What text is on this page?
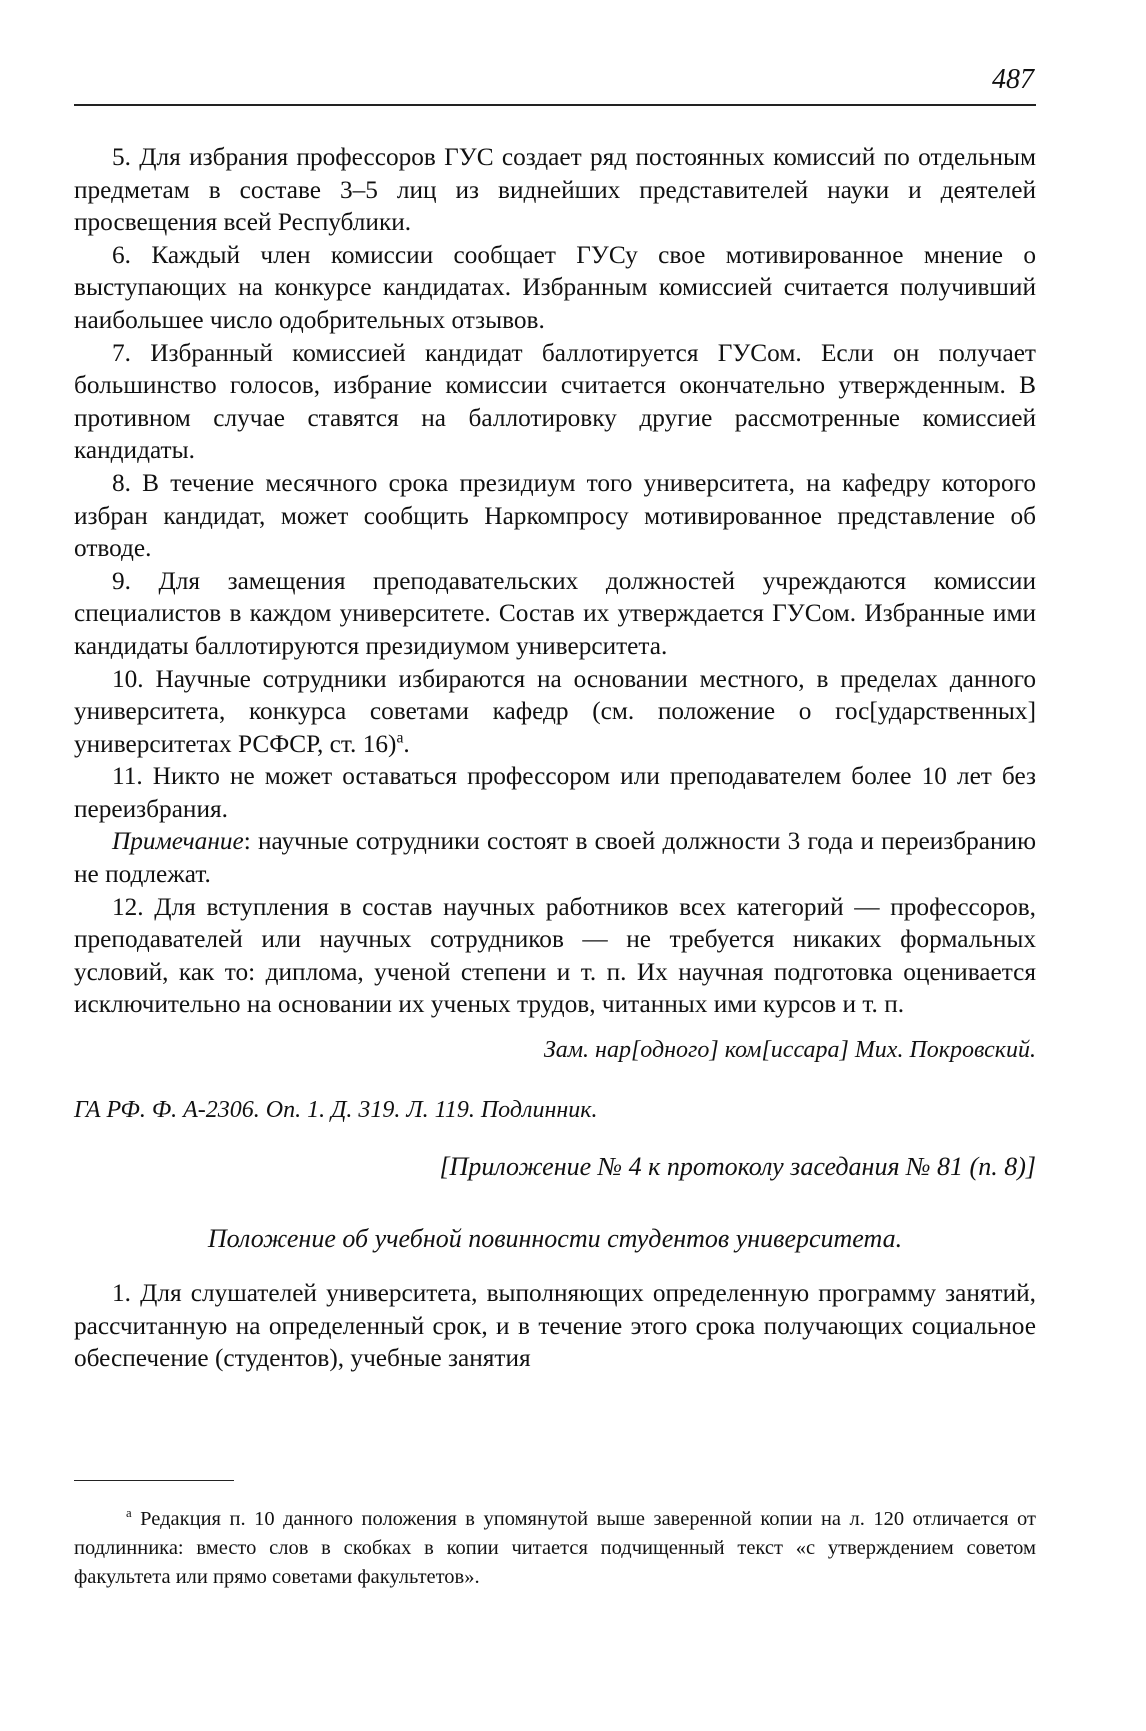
487

5. Для избрания профессоров ГУС создает ряд постоянных комиссий по отдельным предметам в составе 3–5 лиц из виднейших представителей науки и деятелей просвещения всей Республики.

6. Каждый член комиссии сообщает ГУСу свое мотивированное мнение о выступающих на конкурсе кандидатах. Избранным комиссией считается получивший наибольшее число одобрительных отзывов.

7. Избранный комиссией кандидат баллотируется ГУСом. Если он получает большинство голосов, избрание комиссии считается окончательно утвержденным. В противном случае ставятся на баллотировку другие рассмотренные комиссией кандидаты.

8. В течение месячного срока президиум того университета, на кафедру которого избран кандидат, может сообщить Наркомпросу мотивированное представление об отводе.

9. Для замещения преподавательских должностей учреждаются комиссии специалистов в каждом университете. Состав их утверждается ГУСом. Избранные ими кандидаты баллотируются президиумом университета.

10. Научные сотрудники избираются на основании местного, в пределах данного университета, конкурса советами кафедр (см. положение о гос[ударственных] университетах РСФСР, ст. 16)$^а$.

11. Никто не может оставаться профессором или преподавателем более 10 лет без переизбрания.

Примечание: научные сотрудники состоят в своей должности 3 года и переизбранию не подлежат.

12. Для вступления в состав научных работников всех категорий — профессоров, преподавателей или научных сотрудников — не требуется никаких формальных условий, как то: диплома, ученой степени и т. п. Их научная подготовка оценивается исключительно на основании их ученых трудов, читанных ими курсов и т. п.

Зам. нар[одного] ком[иссара] Мих. Покровский.

ГА РФ. Ф. А-2306. Оп. 1. Д. 319. Л. 119. Подлинник.

[Приложение № 4 к протоколу заседания № 81 (п. 8)]

Положение об учебной повинности студентов университета.

1. Для слушателей университета, выполняющих определенную программу занятий, рассчитанную на определенный срок, и в течение этого срока получающих социальное обеспечение (студентов), учебные занятия

$^а$ Редакция п. 10 данного положения в упомянутой выше заверенной копии на л. 120 отличается от подлинника: вместо слов в скобках в копии читается подчищенный текст «с утверждением советом факультета или прямо советами факультетов».
